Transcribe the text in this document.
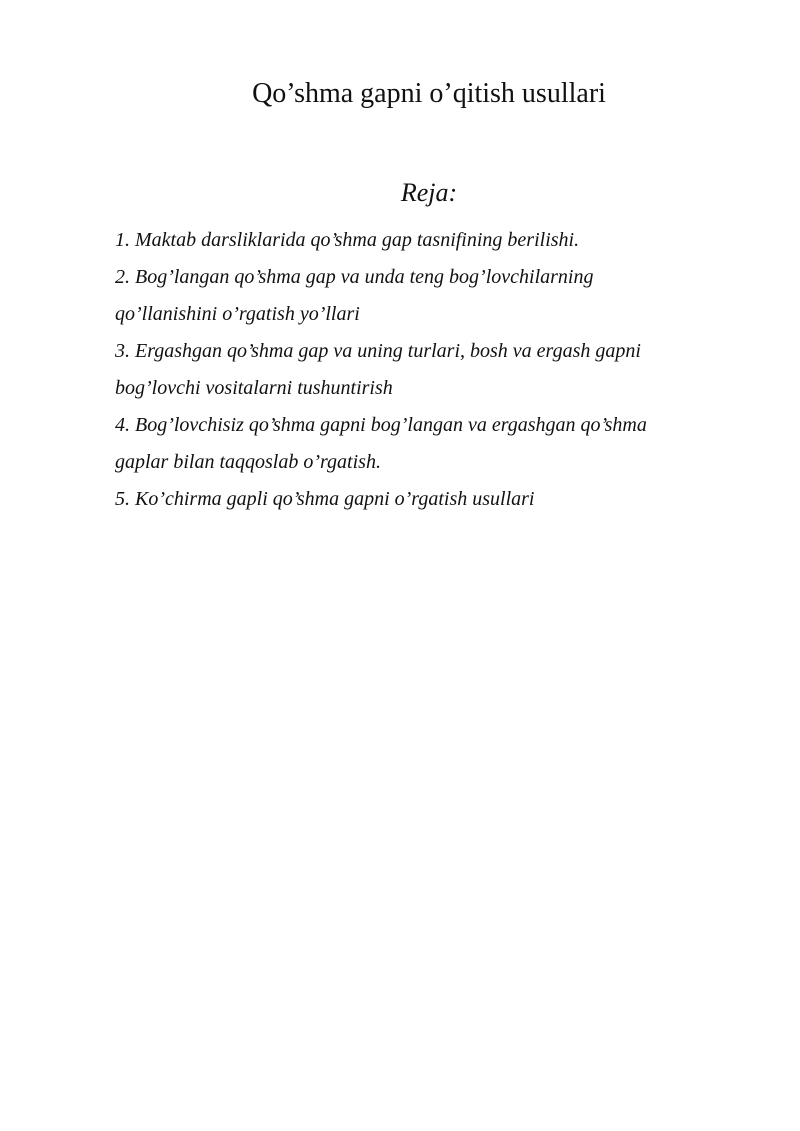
Qo’shma gapni o’qitish usullari
Reja:
1. Maktab darsliklarida qo’shma gap tasnifining berilishi.
2. Bog’langan qo’shma gap va unda teng bog’lovchilarning
qo’llanishini o’rgatish yo’llari
3. Ergashgan qo’shma gap va uning turlari, bosh va ergash gapni
bog’lovchi vositalarni tushuntirish
4. Bog’lovchisiz qo’shma gapni bog’langan va ergashgan qo’shma
gaplar bilan taqqoslab o’rgatish.
5. Ko’chirma gapli qo’shma gapni o’rgatish usullari
